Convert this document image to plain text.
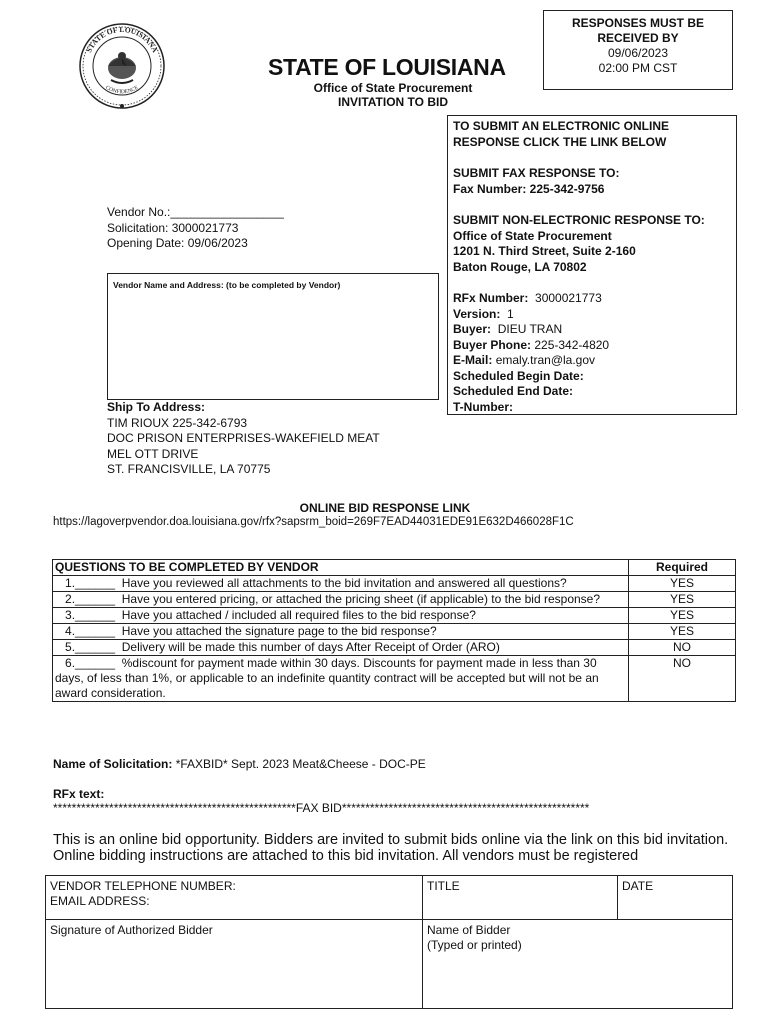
STATE OF LOUISIANA
CONFIDENCE
RESPONSES MUST BE
RECEIVED BY
09/06/2023
02:00 PM CST
STATE OF LOUISIANA
Office of State Procurement
INVITATION TO BID

TO SUBMIT AN ELECTRONIC ONLINE RESPONSE CLICK THE LINK BELOW

SUBMIT FAX RESPONSE TO:

Fax Number: 225-342-9756

SUBMIT NON-ELECTRONIC RESPONSE TO:

Office of State Procurement

1201 N. Third Street, Suite 2-160

Baton Rouge, LA 70802

RFx Number: 3000021773

Version: 1

Buyer: DIEU TRAN

Buyer Phone: 225-342-4820

E-Mail: emaly.tran@la.gov

Scheduled Begin Date:

Scheduled End Date:

T-Number:

Vendor No.:_________________
Solicitation: 3000021773
Opening Date: 09/06/2023
Vendor Name and Address: (to be completed by Vendor)
Ship To Address:
TIM RIOUX 225-342-6793
DOC PRISON ENTERPRISES-WAKEFIELD MEAT
MEL OTT DRIVE
ST. FRANCISVILLE, LA 70775
ONLINE BID RESPONSE LINK
https://lagoverpvendor.doa.louisiana.gov/rfx?sapsrm_boid=269F7EAD44031EDE91E632D466028F1C
QUESTIONS TO BE COMPLETED BY VENDOR	Required
1.______  Have you reviewed all attachments to the bid invitation and answered all questions?	YES
2.______  Have you entered pricing, or attached the pricing sheet (if applicable) to the bid response?	YES
3.______  Have you attached / included all required files to the bid response?	YES
4.______  Have you attached the signature page to the bid response?	YES
5.______  Delivery will be made this number of days After Receipt of Order (ARO)	NO
6.______  %discount for payment made within 30 days. Discounts for payment made in less than 30 days, of less than 1%, or applicable to an indefinite quantity contract will be accepted but will not be an award consideration.	NO
Name of Solicitation: *FAXBID* Sept. 2023 Meat&Cheese - DOC-PE
RFx text:
****************************************************FAX BID*****************************************************
This is an online bid opportunity. Bidders are invited to submit bids online via the link on this bid invitation. Online bidding instructions are attached to this bid invitation. All vendors must be registered
VENDOR TELEPHONE NUMBER:
EMAIL ADDRESS:	TITLE	DATE
Signature of Authorized Bidder	Name of Bidder
(Typed or printed)	
